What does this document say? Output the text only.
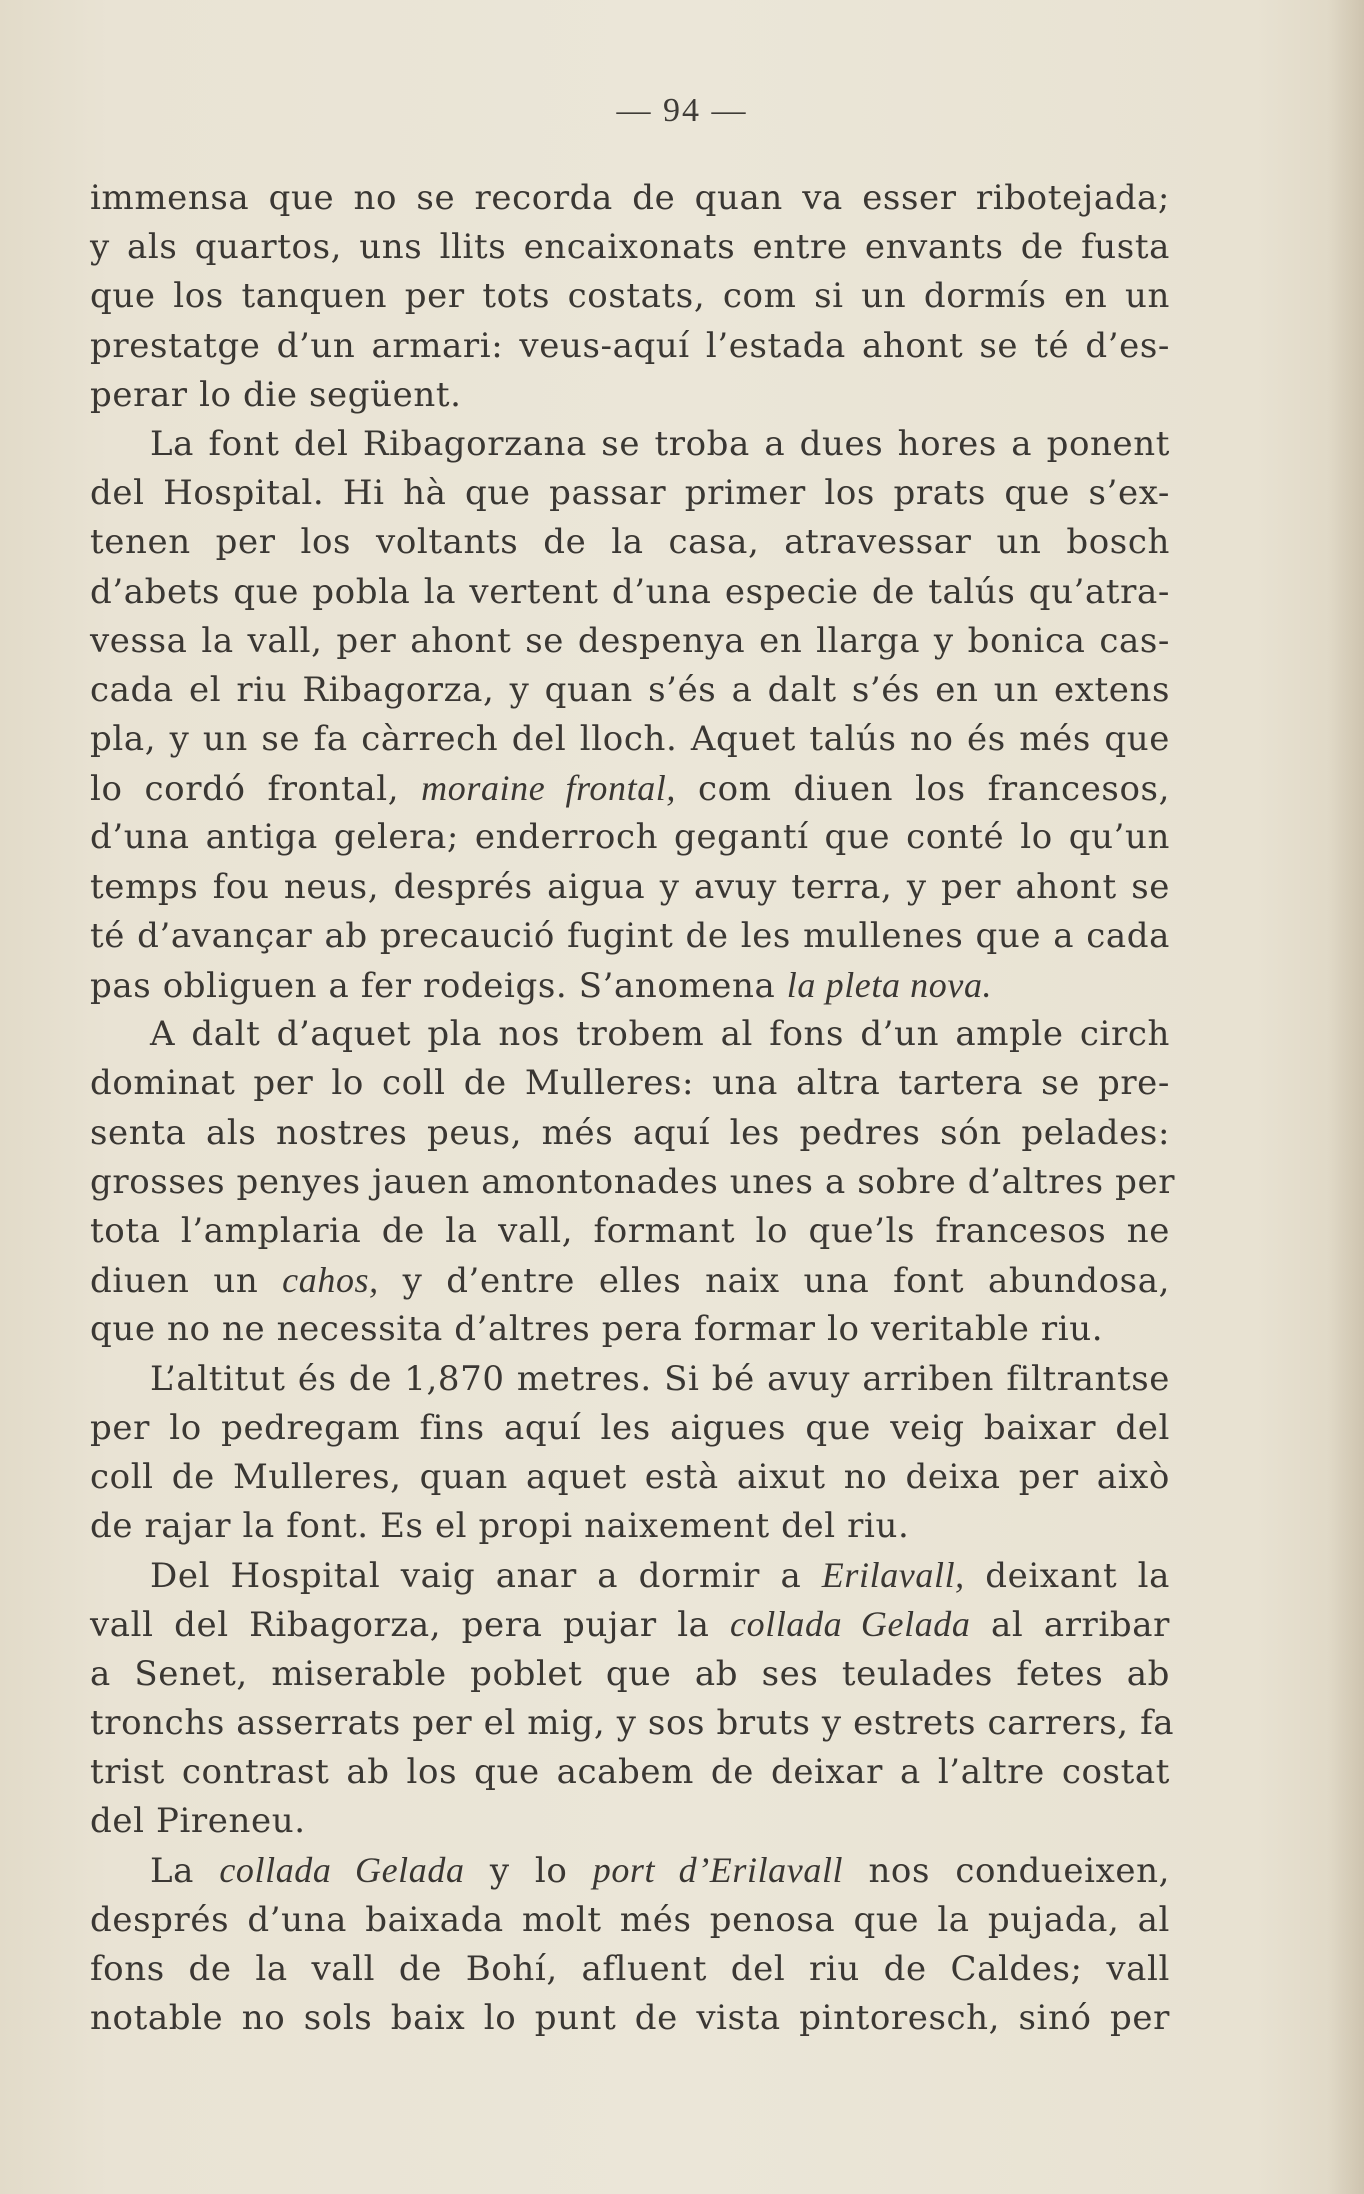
— 94 —
immensa que no se recorda de quan va esser ribotejada;
y als quartos, uns llits encaixonats entre envants de fusta
que los tanquen per tots costats, com si un dormís en un
prestatge d’un armari: veus-aquí l’estada ahont se té d’es-
perar lo die següent.
La font del Ribagorzana se troba a dues hores a ponent
del Hospital. Hi hà que passar primer los prats que s’ex-
tenen per los voltants de la casa, atravessar un bosch
d’abets que pobla la vertent d’una especie de talús qu’atra-
vessa la vall, per ahont se despenya en llarga y bonica cas-
cada el riu Ribagorza, y quan s’és a dalt s’és en un extens
pla, y un se fa càrrech del lloch. Aquet talús no és més que
lo cordó frontal, moraine frontal, com diuen los francesos,
d’una antiga gelera; enderroch gegantí que conté lo qu’un
temps fou neus, després aigua y avuy terra, y per ahont se
té d’avançar ab precaució fugint de les mullenes que a cada
pas obliguen a fer rodeigs. S’anomena la pleta nova.
A dalt d’aquet pla nos trobem al fons d’un ample circh
dominat per lo coll de Mulleres: una altra tartera se pre-
senta als nostres peus, més aquí les pedres són pelades:
grosses penyes jauen amontonades unes a sobre d’altres per
tota l’amplaria de la vall, formant lo que’ls francesos ne
diuen un cahos, y d’entre elles naix una font abundosa,
que no ne necessita d’altres pera formar lo veritable riu.
L’altitut és de 1,870 metres. Si bé avuy arriben filtrantse
per lo pedregam fins aquí les aigues que veig baixar del
coll de Mulleres, quan aquet està aixut no deixa per això
de rajar la font. Es el propi naixement del riu.
Del Hospital vaig anar a dormir a Erilavall, deixant la
vall del Ribagorza, pera pujar la collada Gelada al arribar
a Senet, miserable poblet que ab ses teulades fetes ab
tronchs asserrats per el mig, y sos bruts y estrets carrers, fa
trist contrast ab los que acabem de deixar a l’altre costat
del Pireneu.
La collada Gelada y lo port d’Erilavall nos condueixen,
després d’una baixada molt més penosa que la pujada, al
fons de la vall de Bohí, afluent del riu de Caldes; vall
notable no sols baix lo punt de vista pintoresch, sinó per
